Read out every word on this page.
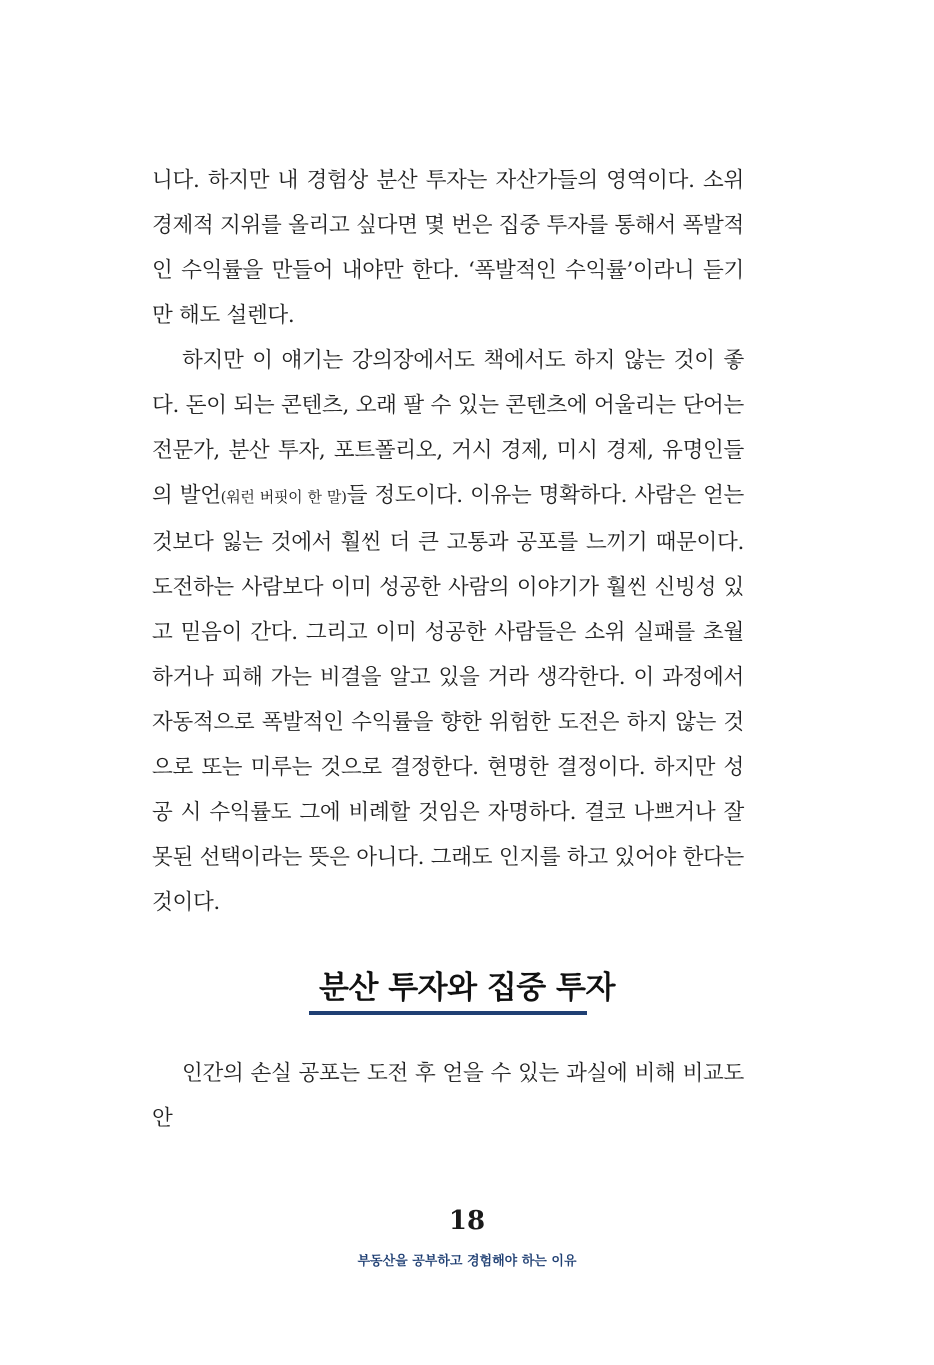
니다. 하지만 내 경험상 분산 투자는 자산가들의 영역이다. 소위 경제적 지위를 올리고 싶다면 몇 번은 집중 투자를 통해서 폭발적인 수익률을 만들어 내야만 한다. ‘폭발적인 수익률’이라니 듣기만 해도 설렌다.

하지만 이 얘기는 강의장에서도 책에서도 하지 않는 것이 좋다. 돈이 되는 콘텐츠, 오래 팔 수 있는 콘텐츠에 어울리는 단어는 전문가, 분산 투자, 포트폴리오, 거시 경제, 미시 경제, 유명인들의 발언(워런 버핏이 한 말)들 정도이다. 이유는 명확하다. 사람은 얻는 것보다 잃는 것에서 훨씬 더 큰 고통과 공포를 느끼기 때문이다. 도전하는 사람보다 이미 성공한 사람의 이야기가 훨씬 신빙성 있고 믿음이 간다. 그리고 이미 성공한 사람들은 소위 실패를 초월하거나 피해 가는 비결을 알고 있을 거라 생각한다. 이 과정에서 자동적으로 폭발적인 수익률을 향한 위험한 도전은 하지 않는 것으로 또는 미루는 것으로 결정한다. 현명한 결정이다. 하지만 성공 시 수익률도 그에 비례할 것임은 자명하다. 결코 나쁘거나 잘못된 선택이라는 뜻은 아니다. 그래도 인지를 하고 있어야 한다는 것이다.

분산 투자와 집중 투자

인간의 손실 공포는 도전 후 얻을 수 있는 과실에 비해 비교도 안

18
부동산을 공부하고 경험해야 하는 이유
